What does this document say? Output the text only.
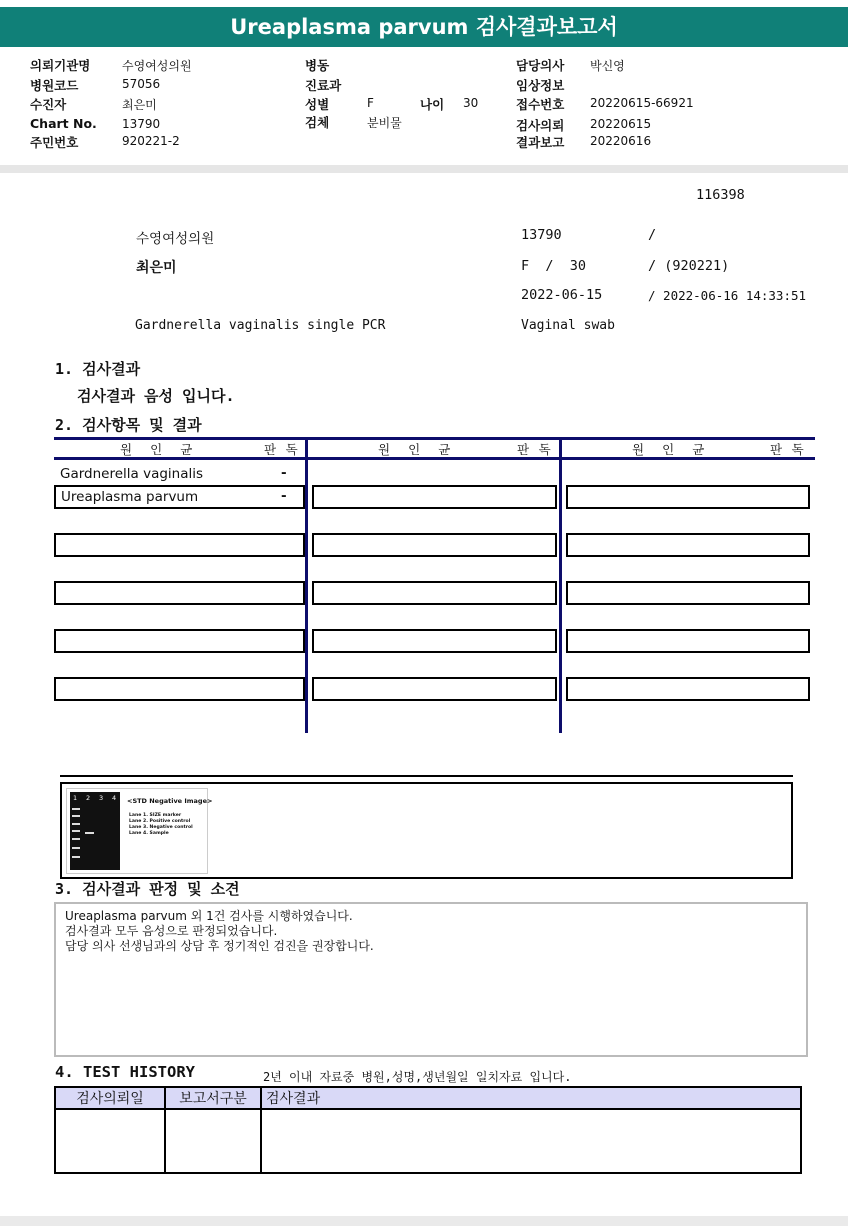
Ureaplasma parvum 검사결과보고서
의뢰기관명	수영여성의원
병원코드	57056
수진자	최은미
Chart No. 13790
주민번호	920221-2
병동
진료과
성별	F	나이 30
검체	분비물
담당의사 박신영
임상정보
접수번호 20220615-66921
검사의뢰 20220615
결과보고 20220616
116398
수영여성의원	13790	/
최은미	F  /  30	/ (920221)
2022-06-15	/ 2022-06-16 14:33:51
Gardnerella vaginalis single PCR	Vaginal swab
1. 검사결과
검사결과 음성 입니다.
2. 검사항목 및 결과
원  인  균	판 독	원  인  균	판 독	원  인  균	판 독
Gardnerella vaginalis	-
Ureaplasma parvum	-
1 2 3 4 <STD Negative Image>
Lane 1. SIZE marker
Lane 2. Positive control
Lane 3. Negative control
Lane 4. Sample
3. 검사결과 판정 및 소견
Ureaplasma parvum 외 1건 검사를 시행하였습니다.
검사결과 모두 음성으로 판정되었습니다.
담당 의사 선생님과의 상담 후 정기적인 검진을 권장합니다.
4. TEST HISTORY	2년 이내 자료중 병원,성명,생년월일 일치자료 입니다.
검사의뢰일	보고서구분	검사결과
